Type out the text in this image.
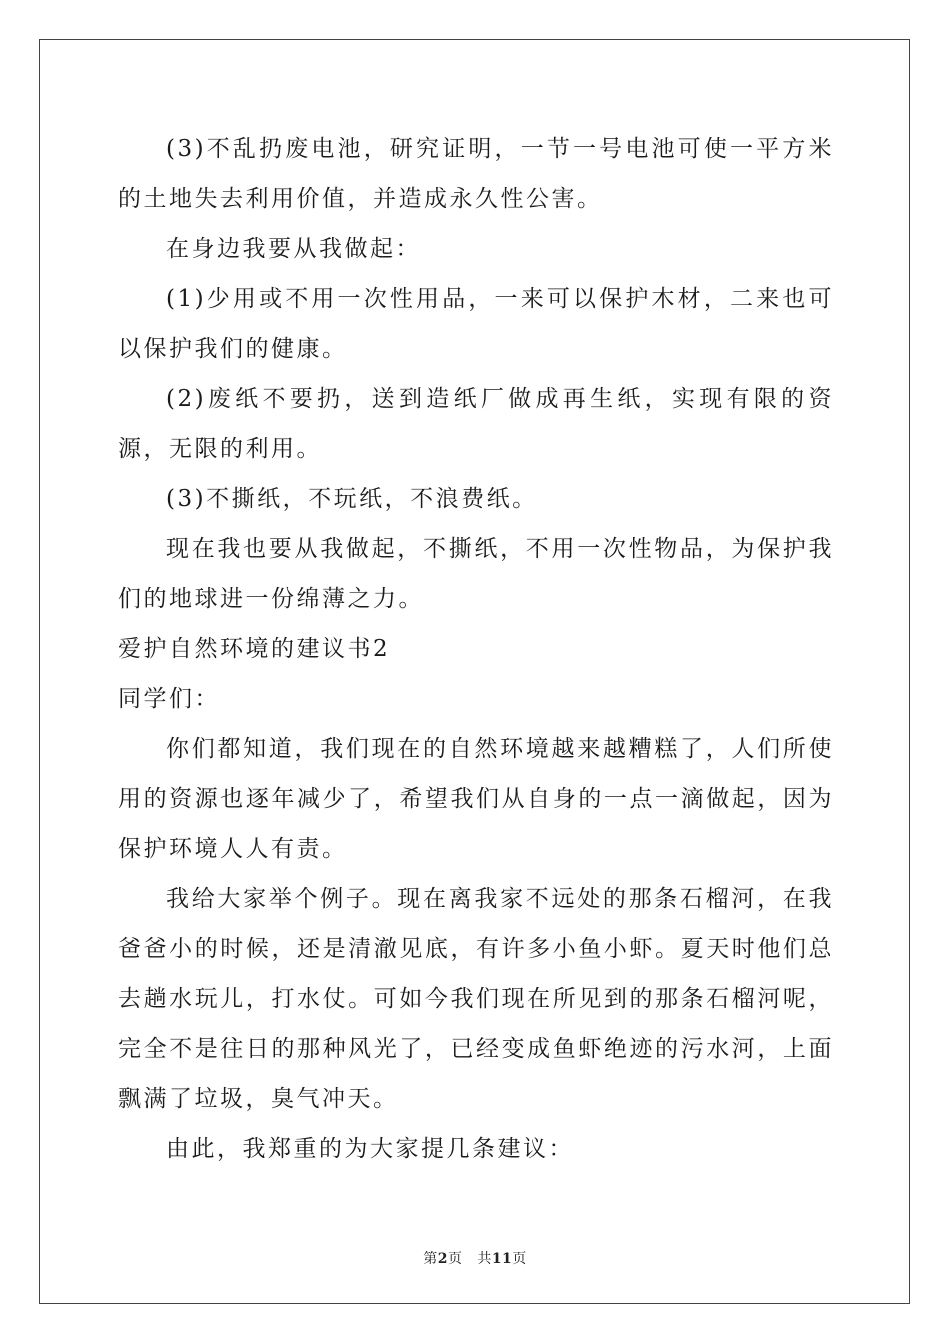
(3)不乱扔废电池，研究证明，一节一号电池可使一平方米的土地失去利用价值，并造成永久性公害。

在身边我要从我做起：

(1)少用或不用一次性用品，一来可以保护木材，二来也可以保护我们的健康。

(2)废纸不要扔，送到造纸厂做成再生纸，实现有限的资源，无限的利用。

(3)不撕纸，不玩纸，不浪费纸。

现在我也要从我做起，不撕纸，不用一次性物品，为保护我们的地球进一份绵薄之力。

爱护自然环境的建议书2

同学们：

你们都知道，我们现在的自然环境越来越糟糕了，人们所使用的资源也逐年减少了，希望我们从自身的一点一滴做起，因为保护环境人人有责。

我给大家举个例子。现在离我家不远处的那条石榴河，在我爸爸小的时候，还是清澈见底，有许多小鱼小虾。夏天时他们总去趟水玩儿，打水仗。可如今我们现在所见到的那条石榴河呢，完全不是往日的那种风光了，已经变成鱼虾绝迹的污水河，上面飘满了垃圾，臭气冲天。

由此，我郑重的为大家提几条建议：

第2页 共11页
